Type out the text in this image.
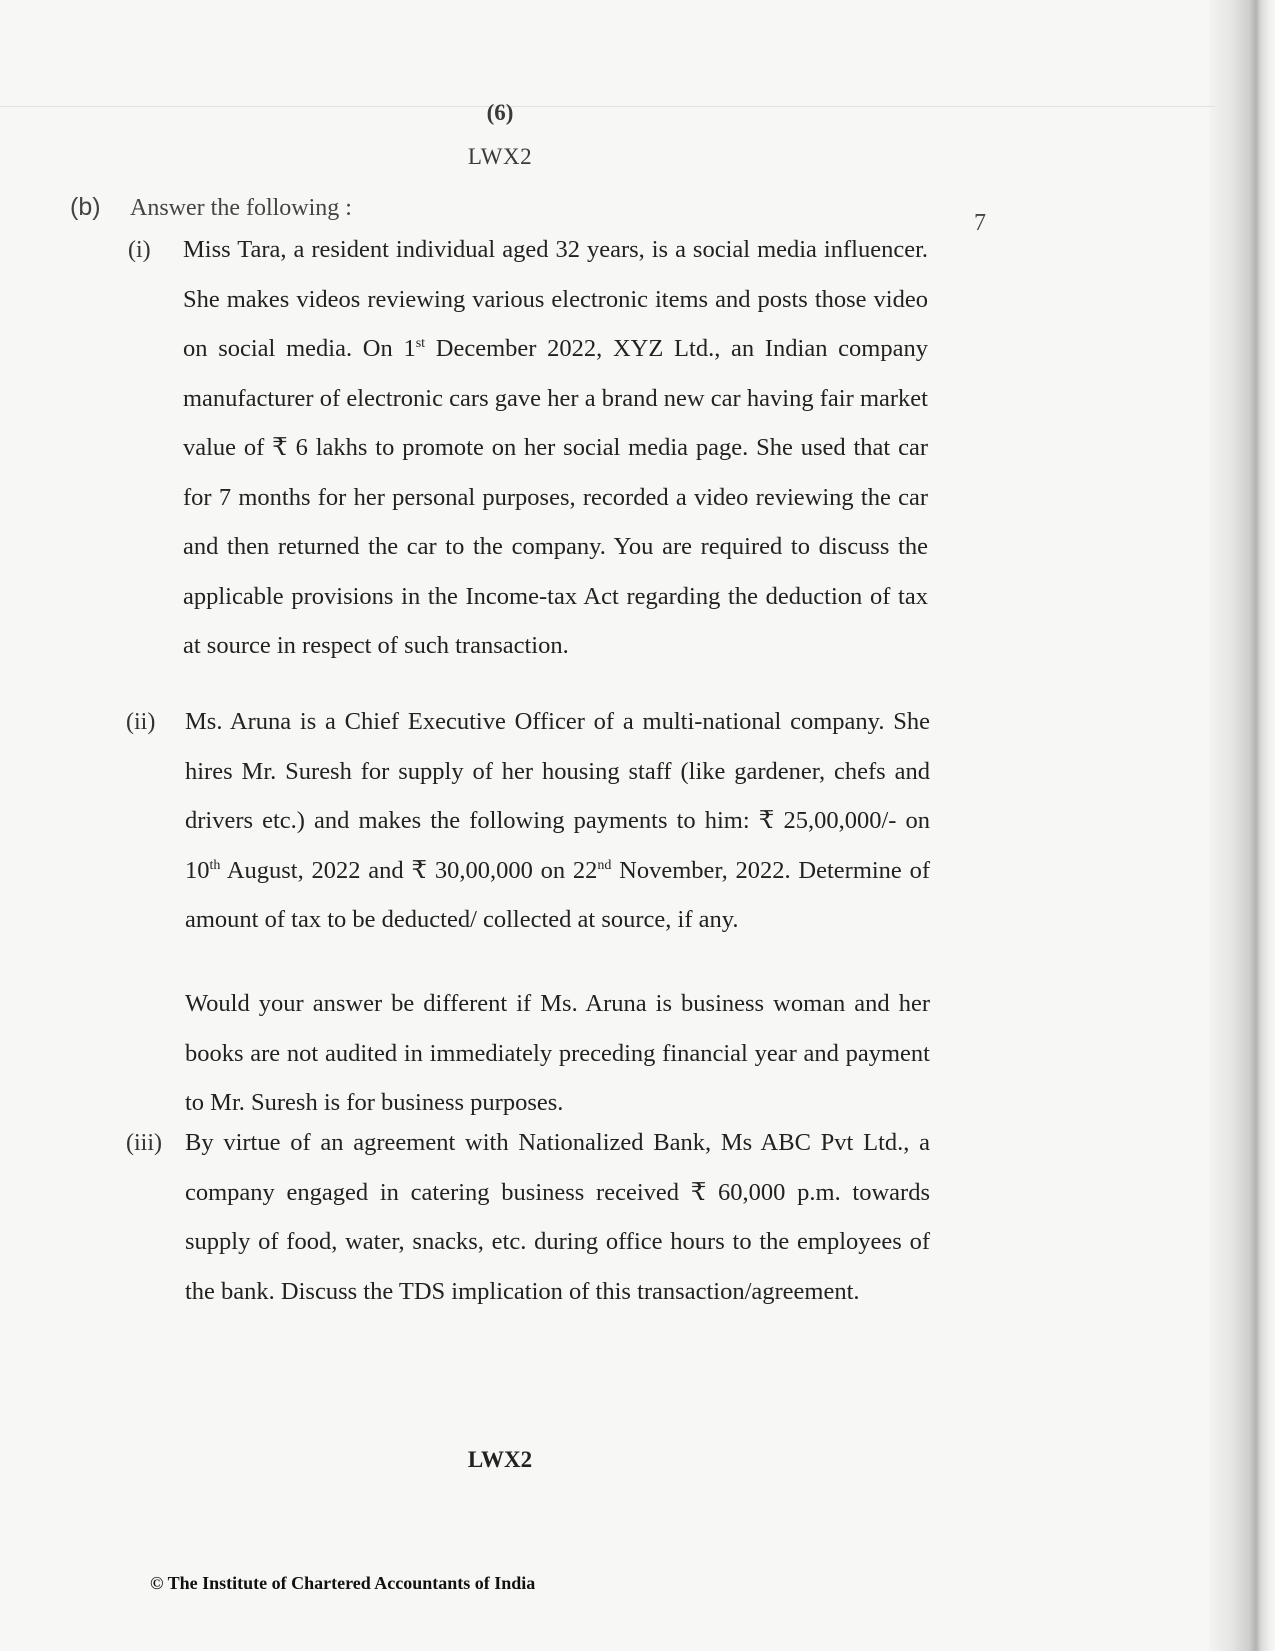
(6)
LWX2
(b) Answer the following :
7
(i) Miss Tara, a resident individual aged 32 years, is a social media influencer. She makes videos reviewing various electronic items and posts those video on social media. On 1st December 2022, XYZ Ltd., an Indian company manufacturer of electronic cars gave her a brand new car having fair market value of ₹ 6 lakhs to promote on her social media page. She used that car for 7 months for her personal purposes, recorded a video reviewing the car and then returned the car to the company. You are required to discuss the applicable provisions in the Income-tax Act regarding the deduction of tax at source in respect of such transaction.
(ii) Ms. Aruna is a Chief Executive Officer of a multi-national company. She hires Mr. Suresh for supply of her housing staff (like gardener, chefs and drivers etc.) and makes the following payments to him: ₹ 25,00,000/- on 10th August, 2022 and ₹ 30,00,000 on 22nd November, 2022. Determine of amount of tax to be deducted/ collected at source, if any.
Would your answer be different if Ms. Aruna is business woman and her books are not audited in immediately preceding financial year and payment to Mr. Suresh is for business purposes.
(iii) By virtue of an agreement with Nationalized Bank, Ms ABC Pvt Ltd., a company engaged in catering business received ₹ 60,000 p.m. towards supply of food, water, snacks, etc. during office hours to the employees of the bank. Discuss the TDS implication of this transaction/agreement.
LWX2
© The Institute of Chartered Accountants of India
